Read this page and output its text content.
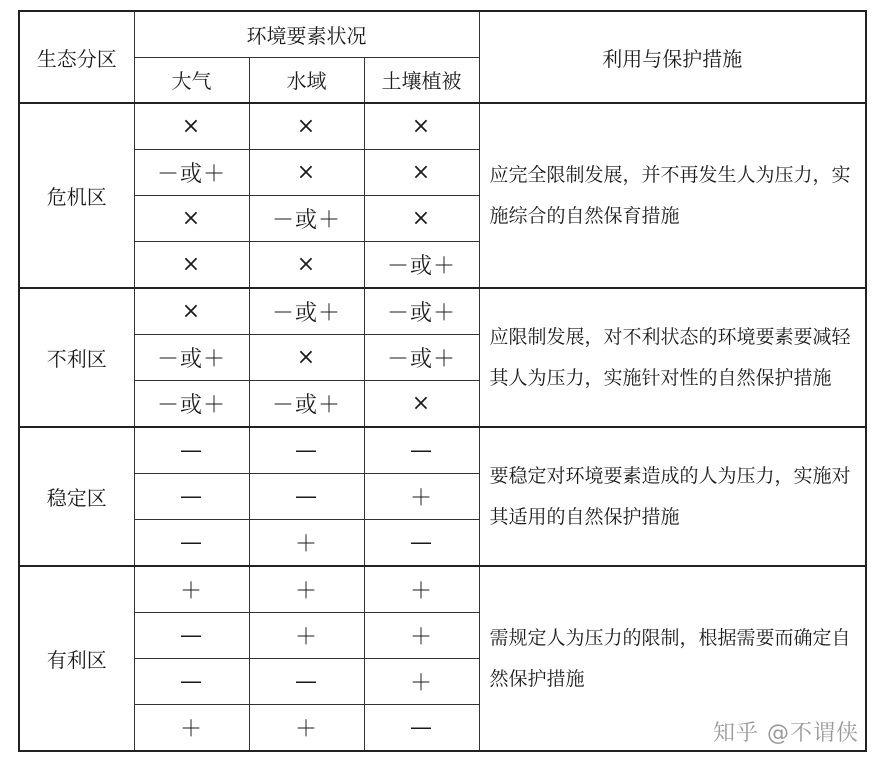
生态分区	环境要素状况			利用与保护措施
	大气	水域	土壤植被	
危机区	×	×	×	应完全限制发展，并不再发生人为压力，实施综合的自然保育措施
	－或＋	×	×	
	×	－或＋	×	
	×	×	－或＋	
不利区	×	－或＋	－或＋	应限制发展，对不利状态的环境要素要减轻其人为压力，实施针对性的自然保护措施
	－或＋	×	－或＋	
	－或＋	－或＋	×	
稳定区	—	—	—	要稳定对环境要素造成的人为压力，实施对其适用的自然保护措施
	—	—	＋	
	—	＋	—	
有利区	＋	＋	＋	需规定人为压力的限制，根据需要而确定自然保护措施
	—	＋	＋	
	—	—	＋	
	＋	＋	—		知乎 @不谓侠
